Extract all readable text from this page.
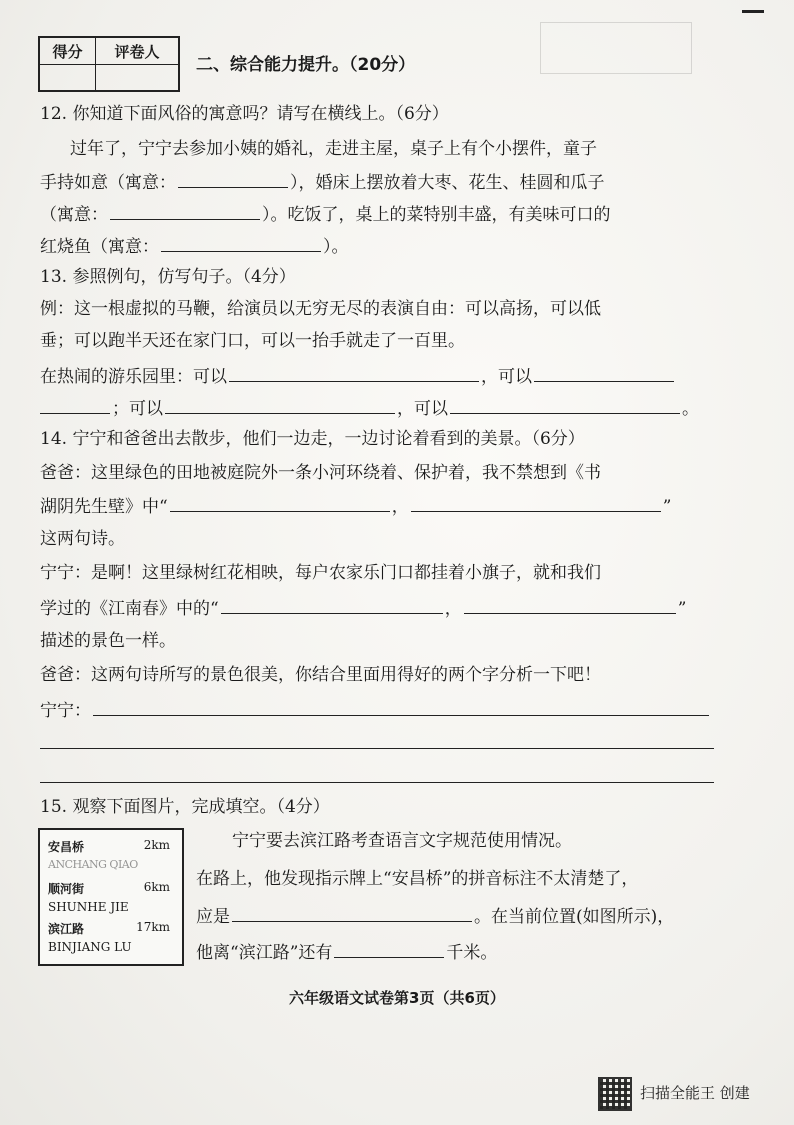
得分	评卷人

二、综合能力提升。（20分）
12. 你知道下面风俗的寓意吗？请写在横线上。（6分）
过年了，宁宁去参加小姨的婚礼，走进主屋，桌子上有个小摆件，童子
手持如意（寓意：	），婚床上摆放着大枣、花生、桂圆和瓜子
（寓意：	）。吃饭了，桌上的菜特别丰盛，有美味可口的
红烧鱼（寓意：	）。
13. 参照例句，仿写句子。（4分）
例：这一根虚拟的马鞭，给演员以无穷无尽的表演自由：可以高扬，可以低
垂；可以跑半天还在家门口，可以一抬手就走了一百里。
在热闹的游乐园里：可以	，可以
；可以	，可以	。
14. 宁宁和爸爸出去散步，他们一边走，一边讨论着看到的美景。（6分）
爸爸：这里绿色的田地被庭院外一条小河环绕着、保护着，我不禁想到《书
湖阴先生壁》中“	，	”
这两句诗。
宁宁：是啊！这里绿树红花相映，每户农家乐门口都挂着小旗子，就和我们
学过的《江南春》中的“	，	”
描述的景色一样。
爸爸：这两句诗所写的景色很美，你结合里面用得好的两个字分析一下吧！
宁宁：
15. 观察下面图片，完成填空。（4分）
安昌桥	2km
ANCHANG QIAO
顺河街	6km
SHUNHE JIE
滨江路	17km
BINJIANG LU
宁宁要去滨江路考查语言文字规范使用情况。
在路上，他发现指示牌上“安昌桥”的拼音标注不太清楚了，
应是	。在当前位置(如图所示)，
他离“滨江路”还有	千米。
六年级语文试卷第3页（共6页）
扫描全能王 创建
